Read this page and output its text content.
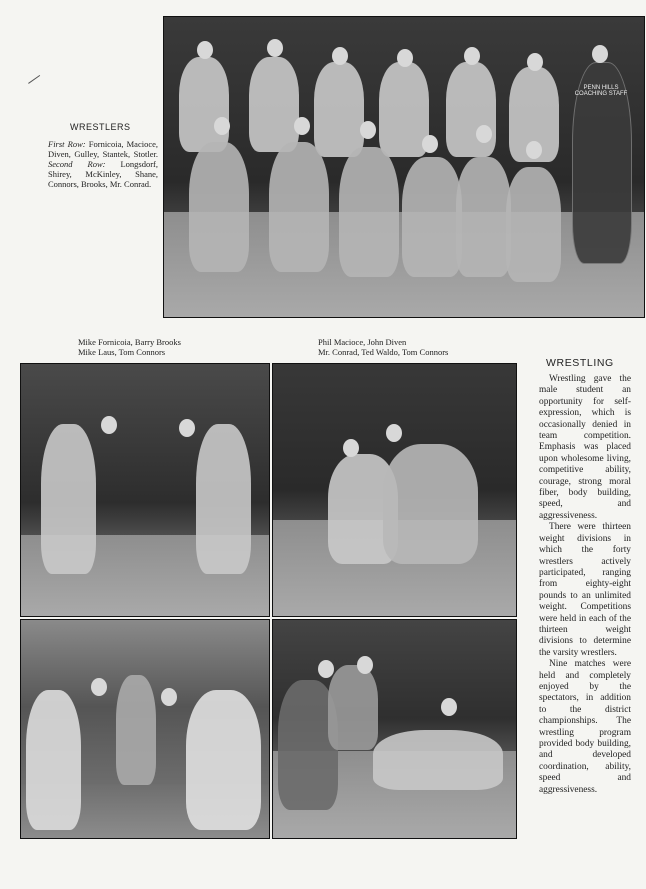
PENN HILLS COACHING STAFF
WRESTLERS
First Row: Fornicoia, Macioce, Diven, Gulley, Stantek, Stotler. Second Row: Longsdorf, Shirey, McKinley, Shane, Connors, Brooks, Mr. Conrad.
Mike Fornicoia, Barry Brooks
Mike Laus, Tom Connors
Phil Macioce, John Diven
Mr. Conrad, Ted Waldo, Tom Connors
WRESTLING

Wrestling gave the male student an opportunity for self-expression, which is occasionally denied in team competition. Emphasis was placed upon wholesome living, competitive ability, courage, strong moral fiber, body building, speed, and aggressiveness.

There were thirteen weight divisions in which the forty wrestlers actively participated, ranging from eighty-eight pounds to an unlimited weight. Competitions were held in each of the thirteen weight divisions to determine the varsity wrestlers.

Nine matches were held and completely enjoyed by the spectators, in addition to the district championships. The wrestling program provided body building, and developed coordination, ability, speed and aggressiveness.
